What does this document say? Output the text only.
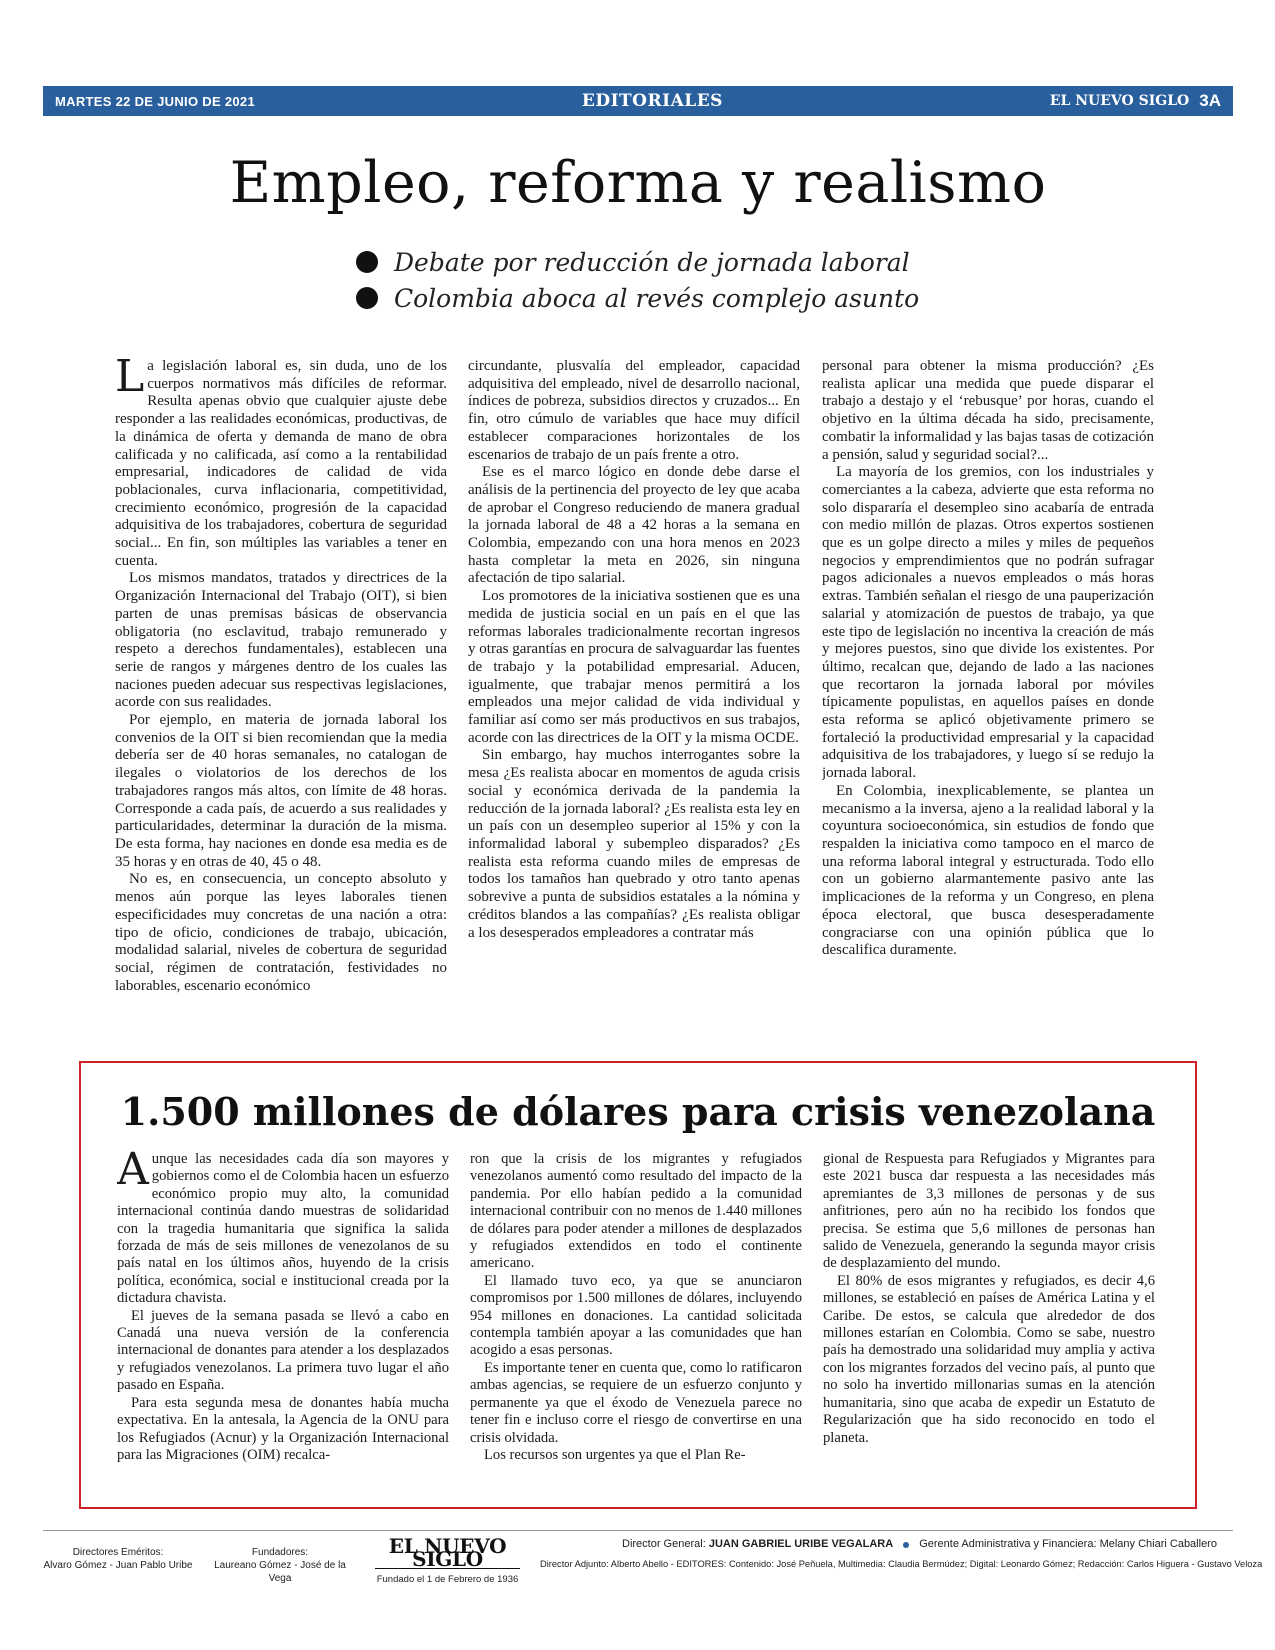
MARTES 22 DE JUNIO DE 2021	EDITORIALES	EL NUEVO SIGLO 3A
Empleo, reforma y realismo
Debate por reducción de jornada laboral
Colombia aboca al revés complejo asunto

La legislación laboral es, sin duda, uno de los cuerpos normativos más difíciles de reformar. Resulta apenas obvio que cualquier ajuste debe responder a las realidades económicas, productivas, de la dinámica de oferta y demanda de mano de obra calificada y no calificada, así como a la rentabilidad empresarial, indicadores de calidad de vida poblacionales, curva inflacionaria, competitividad, crecimiento económico, progresión de la capacidad adquisitiva de los trabajadores, cobertura de seguridad social... En fin, son múltiples las variables a tener en cuenta.

Los mismos mandatos, tratados y directrices de la Organización Internacional del Trabajo (OIT), si bien parten de unas premisas básicas de observancia obligatoria (no esclavitud, trabajo remunerado y respeto a derechos fundamentales), establecen una serie de rangos y márgenes dentro de los cuales las naciones pueden adecuar sus respectivas legislaciones, acorde con sus realidades.

Por ejemplo, en materia de jornada laboral los convenios de la OIT si bien recomiendan que la media debería ser de 40 horas semanales, no catalogan de ilegales o violatorios de los derechos de los trabajadores rangos más altos, con límite de 48 horas. Corresponde a cada país, de acuerdo a sus realidades y particularidades, determinar la duración de la misma. De esta forma, hay naciones en donde esa media es de 35 horas y en otras de 40, 45 o 48.

No es, en consecuencia, un concepto absoluto y menos aún porque las leyes laborales tienen especificidades muy concretas de una nación a otra: tipo de oficio, condiciones de trabajo, ubicación, modalidad salarial, niveles de cobertura de seguridad social, régimen de contratación, festividades no laborables, escenario económico

circundante, plusvalía del empleador, capacidad adquisitiva del empleado, nivel de desarrollo nacional, índices de pobreza, subsidios directos y cruzados... En fin, otro cúmulo de variables que hace muy difícil establecer comparaciones horizontales de los escenarios de trabajo de un país frente a otro.

Ese es el marco lógico en donde debe darse el análisis de la pertinencia del proyecto de ley que acaba de aprobar el Congreso reduciendo de manera gradual la jornada laboral de 48 a 42 horas a la semana en Colombia, empezando con una hora menos en 2023 hasta completar la meta en 2026, sin ninguna afectación de tipo salarial.

Los promotores de la iniciativa sostienen que es una medida de justicia social en un país en el que las reformas laborales tradicionalmente recortan ingresos y otras garantías en procura de salvaguardar las fuentes de trabajo y la potabilidad empresarial. Aducen, igualmente, que trabajar menos permitirá a los empleados una mejor calidad de vida individual y familiar así como ser más productivos en sus trabajos, acorde con las directrices de la OIT y la misma OCDE.

Sin embargo, hay muchos interrogantes sobre la mesa ¿Es realista abocar en momentos de aguda crisis social y económica derivada de la pandemia la reducción de la jornada laboral? ¿Es realista esta ley en un país con un desempleo superior al 15% y con la informalidad laboral y subempleo disparados? ¿Es realista esta reforma cuando miles de empresas de todos los tamaños han quebrado y otro tanto apenas sobrevive a punta de subsidios estatales a la nómina y créditos blandos a las compañías? ¿Es realista obligar a los desesperados empleadores a contratar más

personal para obtener la misma producción? ¿Es realista aplicar una medida que puede disparar el trabajo a destajo y el ‘rebusque’ por horas, cuando el objetivo en la última década ha sido, precisamente, combatir la informalidad y las bajas tasas de cotización a pensión, salud y seguridad social?...

La mayoría de los gremios, con los industriales y comerciantes a la cabeza, advierte que esta reforma no solo dispararía el desempleo sino acabaría de entrada con medio millón de plazas. Otros expertos sostienen que es un golpe directo a miles y miles de pequeños negocios y emprendimientos que no podrán sufragar pagos adicionales a nuevos empleados o más horas extras. También señalan el riesgo de una pauperización salarial y atomización de puestos de trabajo, ya que este tipo de legislación no incentiva la creación de más y mejores puestos, sino que divide los existentes. Por último, recalcan que, dejando de lado a las naciones que recortaron la jornada laboral por móviles típicamente populistas, en aquellos países en donde esta reforma se aplicó objetivamente primero se fortaleció la productividad empresarial y la capacidad adquisitiva de los trabajadores, y luego sí se redujo la jornada laboral.

En Colombia, inexplicablemente, se plantea un mecanismo a la inversa, ajeno a la realidad laboral y la coyuntura socioeconómica, sin estudios de fondo que respalden la iniciativa como tampoco en el marco de una reforma laboral integral y estructurada. Todo ello con un gobierno alarmantemente pasivo ante las implicaciones de la reforma y un Congreso, en plena época electoral, que busca desesperadamente congraciarse con una opinión pública que lo descalifica duramente.

1.500 millones de dólares para crisis venezolana

Aunque las necesidades cada día son mayores y gobiernos como el de Colombia hacen un esfuerzo económico propio muy alto, la comunidad internacional continúa dando muestras de solidaridad con la tragedia humanitaria que significa la salida forzada de más de seis millones de venezolanos de su país natal en los últimos años, huyendo de la crisis política, económica, social e institucional creada por la dictadura chavista.

El jueves de la semana pasada se llevó a cabo en Canadá una nueva versión de la conferencia internacional de donantes para atender a los desplazados y refugiados venezolanos. La primera tuvo lugar el año pasado en España.

Para esta segunda mesa de donantes había mucha expectativa. En la antesala, la Agencia de la ONU para los Refugiados (Acnur) y la Organización Internacional para las Migraciones (OIM) recalca-

ron que la crisis de los migrantes y refugiados venezolanos aumentó como resultado del impacto de la pandemia. Por ello habían pedido a la comunidad internacional contribuir con no menos de 1.440 millones de dólares para poder atender a millones de desplazados y refugiados extendidos en todo el continente americano.

El llamado tuvo eco, ya que se anunciaron compromisos por 1.500 millones de dólares, incluyendo 954 millones en donaciones. La cantidad solicitada contempla también apoyar a las comunidades que han acogido a esas personas.

Es importante tener en cuenta que, como lo ratificaron ambas agencias, se requiere de un esfuerzo conjunto y permanente ya que el éxodo de Venezuela parece no tener fin e incluso corre el riesgo de convertirse en una crisis olvidada.

Los recursos son urgentes ya que el Plan Re-

gional de Respuesta para Refugiados y Migrantes para este 2021 busca dar respuesta a las necesidades más apremiantes de 3,3 millones de personas y de sus anfitriones, pero aún no ha recibido los fondos que precisa. Se estima que 5,6 millones de personas han salido de Venezuela, generando la segunda mayor crisis de desplazamiento del mundo.

El 80% de esos migrantes y refugiados, es decir 4,6 millones, se estableció en países de América Latina y el Caribe. De estos, se calcula que alrededor de dos millones estarían en Colombia. Como se sabe, nuestro país ha demostrado una solidaridad muy amplia y activa con los migrantes forzados del vecino país, al punto que no solo ha invertido millonarias sumas en la atención humanitaria, sino que acaba de expedir un Estatuto de Regularización que ha sido reconocido en todo el planeta.

Directores Eméritos:
Alvaro Gómez - Juan Pablo Uribe
Fundadores:
Laureano Gómez - José de la Vega
EL NUEVO SIGLO
Fundado el 1 de Febrero de 1936
Director General: JUAN GABRIEL URIBE VEGALARA Gerente Administrativa y Financiera: Melany Chiari Caballero
Director Adjunto: Alberto Abello - EDITORES: Contenido: José Peñuela, Multimedia: Claudia Bermúdez; Digital: Leonardo Gómez; Redacción: Carlos Higuera - Gustavo Veloza
